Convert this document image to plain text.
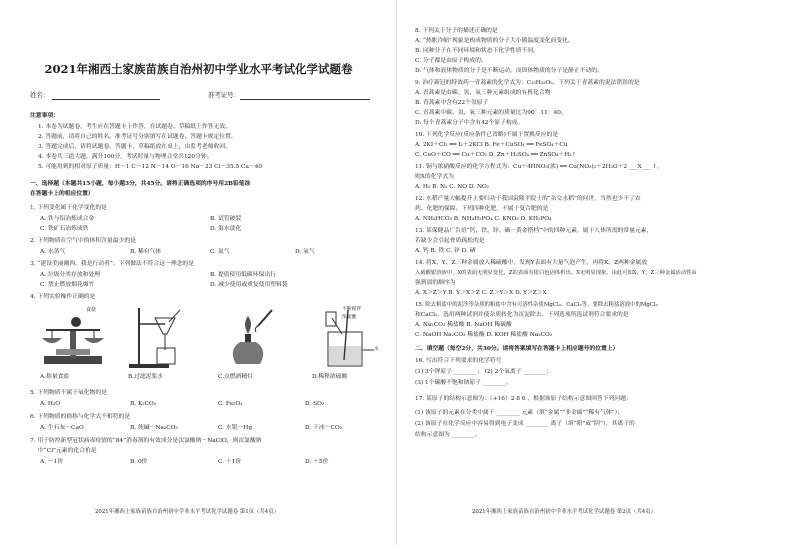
2021年湘西土家族苗族自治州初中学业水平考试化学试题卷
姓名：	准考证号：
注意事项：
1. 本卷为试题卷，考生应在答题卡上作答，在试题卷、草稿纸上作答无效。
2. 答题前，请将自己的姓名、准考证号分别填写在试题卷、答题卡规定位置。
3. 答题完成后，请将试题卷、答题卡、草稿纸放在桌上，由监考老师收回。
4. 本卷共三道大题，满分100分，考试时量与物理合堂共120分钟。
5. 可能用到的相对原子质量：H－1 C－12 N－14 O－16 Na－23 Cl－35.5 Ca－40
一、选择题（本题共15小题，每小题3分，共45分。请将正确选项的序号用2B铅笔涂
在答题卡上的相应位置）
1. 下列变化属于化学变化的是
A. 铁与铝冶炼成合金	B. 试管破裂
C. 铁矿石冶炼成铁	D. 海水淡化
2. 下列物质在空气中的体积含量最少的是
A. 水蒸气	B. 稀有气体	C. 氮气	D. 氧气
3. “建设美丽湘西，我是行动者”。下列做法不符合这一理念的是
A. 垃圾分类存放和处理	B. 提倡使用低碳环保出行
C. 禁止燃放烟花爆竹	D. 减少使用或重复使用塑料袋
4. 下列实验操作正确的是
食盐	不断搅拌
浓硫酸
水
A.称量食盐	B.过滤泥浆水	C.点燃酒精灯	D.稀释浓硫酸
5. 下列物质不属于氧化物的是
A. H₂O	B. K₂CO₃	C. Fe₂O₃	D. SO₂
6. 下列物质的俗称与化学式不相符的是
A. 生石灰－CaO	B. 纯碱－Na₂CO₃	C. 水银－Hg	D. 干冰－CO₂
7. 用于防控新型冠状病毒疫情的“84”消毒剂的有效成分是次氯酸钠－NaClO，则次氯酸钠
中“Cl”元素的化合价是
A. －1价	B. 0价	C. ＋1价	D. ＋5价
2021年湘西土家族苗族自治州初中学业水平考试化学试题卷 第1页（共4页）
8. 下列关于分子的描述正确的是
A. “热胀冷缩”现象是构成物质的分子大小随温度变化而变化。
B. 同种分子在不同环境和状态下化学性质不同。
C. 分子都是由原子构成的。
D. 气体和液体物质的分子是不断运动，而固体物质的分子是静止不动的。
9. 治疗新冠的特效药一青蒿素的化学式为：C₁₅H₂₂O₅。下列关于青蒿素的说法错误的是
A. 青蒿素是由碳、氢、氧三种元素组成的有机化合物
B. 青蒿素中含有22个氢原子
C. 青蒿素中碳、氢、氧三种元素的质量比为90：11：40。
D. 每个青蒿素分子中含有42个原子构成。
10. 下列化学反应(反应条件已省略)不属于置换反应的是
A. 2KI＋Cl₂ ══ I₂＋2KCl B. Fe＋CuSO₄ ══ FeSO₄＋Cu
C. CuO＋CO ══ Cu＋CO₂ D. Zn＋H₂SO₄ ══ ZnSO₄＋H₂↑
11. 铜与浓硝酸反应的化学方程式为：Cu＋4HNO₃(浓) ══ Cu(NO₃)₂＋2H₂O＋2 ___X___ ↑，
则X的化学式为
A. H₂ B. N₂ C. NO D. NO₂
12. 水稻产量大幅提升主要归功于我国袁隆平院士的“杂交水稻”的问世，当然也少不了农
药、化肥的保障。下列四种化肥，不属于复合肥的是
A. NH₄HCO₃ B. NH₄H₂PO₄ C. KNO₃ D. KH₂PO₄
13. 某保健品广告语“钙、铁、锌、硒－黄金搭档”中的四种元素，属于人体所需的常量元素，
若缺少会引起骨质疏松的是
A. 钙 B. 铁 C. 锌 D. 硒
14. 将X、Y、Z三种金属放入稀硫酸中，发现Y表面有大量气泡产生，再将X、Z两种金属放
入硝酸银溶液中，X的表面无明显变化，Z的表面有银白色固体析出。X无明显现象，由此可知X、Y、Z三种金属活动性由
强到弱的顺序为
A. X＞Z＞Y B. Y＞X＞Z C. Z＞Y＞X D. Y＞Z＞X
15. 除去粗盐中的泥沙等杂质的粗盐中含有可溶性杂质MgCl₂、CaCl₂等。要除去粗盐溶液中的MgCl₂
和CaCl₂，选用两种试剂并使杂质转化为沉淀除去。下列选项所选试剂符合要求的是
A. Na₂CO₃ 稀盐酸 B. NaOH 稀硫酸
C. NaOH Na₂CO₃ 稀盐酸 D. KOH 稀盐酸 Na₂CO₃
二、填空题（每空2分，共30分。请将答案填写在答题卡上相应题号的位置上）
16. 写出符合下列要求的化学符号
(1) 3个钾原子 ________； (2) 2个氧离子 ________；
(3) 1个碳酸不饱和钠原子 ________。
17. 某原子的结构示意图为：（+16）2 8 6 ，根据该原子结构示意图回答下列问题：
(1) 该原子的元素在分类中属于 ________ 元素（填“金属”“非金属”“稀有气体”）；
(2) 该原子在化学反应中容易得到电子变成 ________ 离子（填“阳”或“阴”），其离子的
结构示意图为 ________。
2021年湘西土家族苗族自治州初中学业水平考试化学试题卷 第2页（共4页）
